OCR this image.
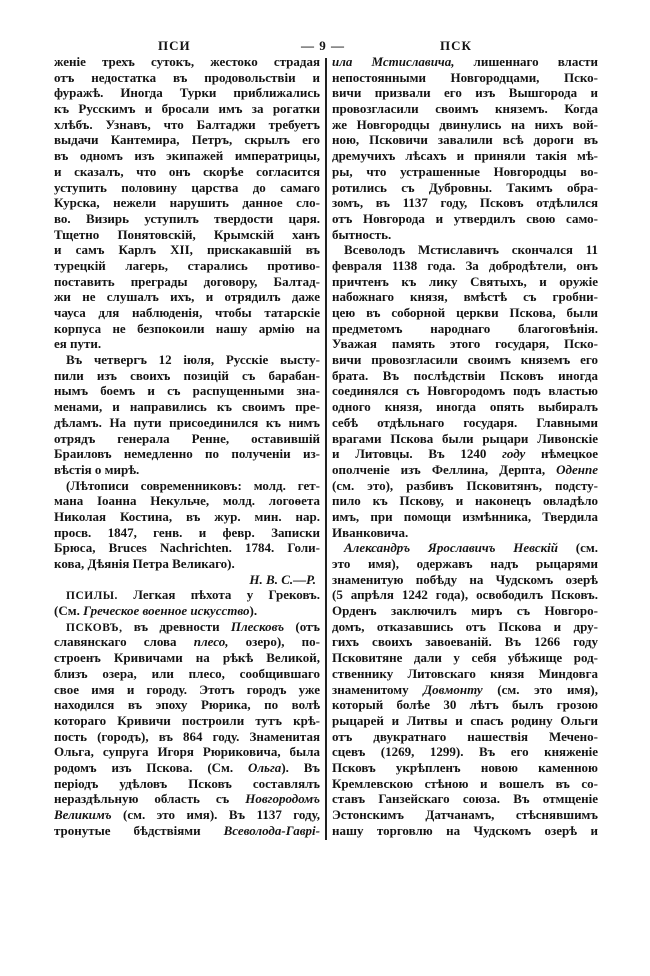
ПСИ	— 9 —	ПСК
женіе трехъ сутокъ, жестоко страдая
отъ недостатка въ продовольствіи и
фуражѣ. Иногда Турки приближались
къ Русскимъ и бросали имъ за рогатки
хлѣбъ. Узнавъ, что Балтаджи требуетъ
выдачи Кантемира, Петръ, скрылъ его
въ одномъ изъ экипажей императрицы,
и сказалъ, что онъ скорѣе согласится
уступить половину царства до самаго
Курска, нежели нарушить данное сло-
во. Визирь уступилъ твердости царя.
Тщетно Понятовскій, Крымскій ханъ
и самъ Карлъ XII, прискакавшій въ
турецкій лагерь, старались противо-
поставить преграды договору, Балтад-
жи не слушалъ ихъ, и отрядилъ даже
чауса для наблюденія, чтобы татарскіе
корпуса не безпокоили нашу армію на
ея пути.
Въ четвергъ 12 іюля, Русскіе высту-
пили изъ своихъ позицій съ барабан-
нымъ боемъ и съ распущенными зна-
менами, и направились къ своимъ пре-
дѣламъ. На пути присоединился къ нимъ
отрядъ генерала Ренне, оставившій
Браиловъ немедленно по полученіи из-
вѣстія о мирѣ.
(Лѣтописи современниковъ: молд. гет-
мана Іоанна Некульче, молд. логоѳета
Николая Костина, въ жур. мин. нар.
просв. 1847, генв. и февр. Записки
Брюса, Bruces Nachrichten. 1784. Голи-
кова, Дѣянія Петра Великаго).
Н. В. С.—Р.
ПСИЛЫ. Легкая пѣхота у Грековъ.
(См. Греческое военное искусство).
ПСКОВЪ, въ древности Плесковъ (отъ
славянскаго слова плесо, озеро), по-
строенъ Кривичами на рѣкѣ Великой,
близъ озера, или плесо, сообщившаго
свое имя и городу. Этотъ городъ уже
находился въ эпоху Рюрика, по волѣ
котораго Кривичи построили тутъ крѣ-
пость (городъ), въ 864 году. Знаменитая
Ольга, супруга Игоря Рюриковича, была
родомъ изъ Пскова. (См. Ольга). Въ
періодъ удѣловъ Псковъ составлялъ
нераздѣльную область съ Новгородомъ
Великимъ (см. это имя). Въ 1137 году,
тронутые бѣдствіями Всеволода-Гаврі-
ила Мстиславича, лишеннаго власти
непостоянными Новгородцами, Пско-
вичи призвали его изъ Вышгорода и
провозгласили своимъ княземъ. Когда
же Новгородцы двинулись на нихъ вой-
ною, Псковичи завалили всѣ дороги въ
дремучихъ лѣсахъ и приняли такія мѣ-
ры, что устрашенные Новгородцы во-
ротились съ Дубровны. Такимъ обра-
зомъ, въ 1137 году, Псковъ отдѣлился
отъ Новгорода и утвердилъ свою само-
бытность.
Всеволодъ Мстиславичъ скончался 11
февраля 1138 года. За добродѣтели, онъ
причтенъ къ лику Святыхъ, и оружіе
набожнаго князя, вмѣстѣ съ гробни-
цею въ соборной церкви Пскова, были
предметомъ народнаго благоговѣнія.
Уважая память этого государя, Пско-
вичи провозгласили своимъ княземъ его
брата. Въ послѣдствіи Псковъ иногда
соединялся съ Новгородомъ подъ властью
одного князя, иногда опять выбиралъ
себѣ отдѣльнаго государя. Главными
врагами Пскова были рыцари Ливонскіе
и Литовцы. Въ 1240 году нѣмецкое
ополченіе изъ Феллина, Дерпта, Оденпе
(см. это), разбивъ Псковитянъ, подсту-
пило къ Пскову, и наконецъ овладѣло
имъ, при помощи измѣнника, Твердила
Иванковича.
Александръ Ярославичъ Невскій (см.
это имя), одержавъ надъ рыцарями
знаменитую побѣду на Чудскомъ озерѣ
(5 апрѣля 1242 года), освободилъ Псковъ.
Орденъ заключилъ миръ съ Новгоро-
домъ, отказавшись отъ Пскова и дру-
гихъ своихъ завоеваній. Въ 1266 году
Псковитяне дали у себя убѣжище род-
ственнику Литовскаго князя Миндовга
знаменитому Довмонту (см. это имя),
который болѣе 30 лѣтъ былъ грозою
рыцарей и Литвы и спасъ родину Ольги
отъ двукратнаго нашествія Мечено-
сцевъ (1269, 1299). Въ его княженіе
Псковъ укрѣпленъ новою каменною
Кремлевскою стѣною и вошелъ въ со-
ставъ Ганзейскаго союза. Въ отмщеніе
Эстонскимъ Датчанамъ, стѣснявшимъ
нашу торговлю на Чудскомъ озерѣ и
